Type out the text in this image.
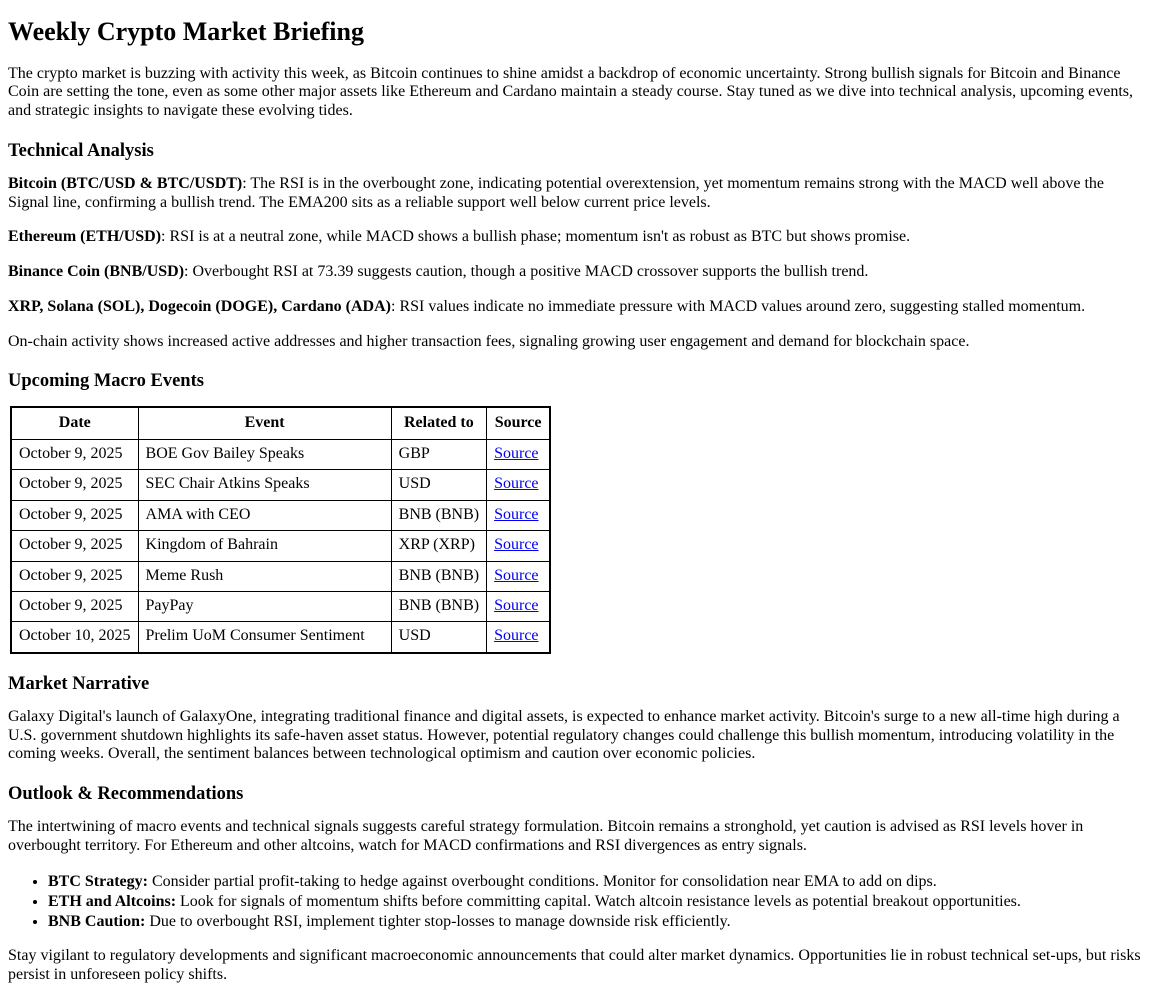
Weekly Crypto Market Briefing

The crypto market is buzzing with activity this week, as Bitcoin continues to shine amidst a backdrop of economic uncertainty. Strong bullish signals for Bitcoin and Binance Coin are setting the tone, even as some other major assets like Ethereum and Cardano maintain a steady course. Stay tuned as we dive into technical analysis, upcoming events, and strategic insights to navigate these evolving tides.

Technical Analysis

Bitcoin (BTC/USD & BTC/USDT): The RSI is in the overbought zone, indicating potential overextension, yet momentum remains strong with the MACD well above the Signal line, confirming a bullish trend. The EMA200 sits as a reliable support well below current price levels.

Ethereum (ETH/USD): RSI is at a neutral zone, while MACD shows a bullish phase; momentum isn't as robust as BTC but shows promise.

Binance Coin (BNB/USD): Overbought RSI at 73.39 suggests caution, though a positive MACD crossover supports the bullish trend.

XRP, Solana (SOL), Dogecoin (DOGE), Cardano (ADA): RSI values indicate no immediate pressure with MACD values around zero, suggesting stalled momentum.

On-chain activity shows increased active addresses and higher transaction fees, signaling growing user engagement and demand for blockchain space.

Upcoming Macro Events
Date	Event	Related to	Source
October 9, 2025	BOE Gov Bailey Speaks	GBP	Source
October 9, 2025	SEC Chair Atkins Speaks	USD	Source
October 9, 2025	AMA with CEO	BNB (BNB)	Source
October 9, 2025	Kingdom of Bahrain	XRP (XRP)	Source
October 9, 2025	Meme Rush	BNB (BNB)	Source
October 9, 2025	PayPay	BNB (BNB)	Source
October 10, 2025	Prelim UoM Consumer Sentiment	USD	Source
Market Narrative

Galaxy Digital's launch of GalaxyOne, integrating traditional finance and digital assets, is expected to enhance market activity. Bitcoin's surge to a new all-time high during a U.S. government shutdown highlights its safe-haven asset status. However, potential regulatory changes could challenge this bullish momentum, introducing volatility in the coming weeks. Overall, the sentiment balances between technological optimism and caution over economic policies.

Outlook & Recommendations

The intertwining of macro events and technical signals suggests careful strategy formulation. Bitcoin remains a stronghold, yet caution is advised as RSI levels hover in overbought territory. For Ethereum and other altcoins, watch for MACD confirmations and RSI divergences as entry signals.

• BTC Strategy: Consider partial profit-taking to hedge against overbought conditions. Monitor for consolidation near EMA to add on dips.
• ETH and Altcoins: Look for signals of momentum shifts before committing capital. Watch altcoin resistance levels as potential breakout opportunities.
• BNB Caution: Due to overbought RSI, implement tighter stop-losses to manage downside risk efficiently.

Stay vigilant to regulatory developments and significant macroeconomic announcements that could alter market dynamics. Opportunities lie in robust technical set-ups, but risks persist in unforeseen policy shifts.
